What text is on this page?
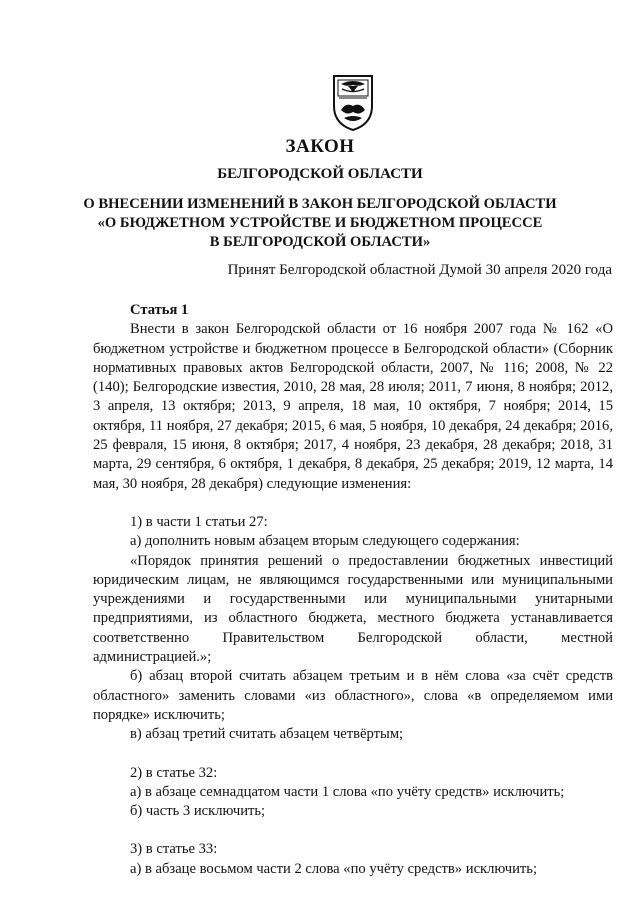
ЗАКОН
БЕЛГОРОДСКОЙ ОБЛАСТИ
О ВНЕСЕНИИ ИЗМЕНЕНИЙ В ЗАКОН БЕЛГОРОДСКОЙ ОБЛАСТИ
«О БЮДЖЕТНОМ УСТРОЙСТВЕ И БЮДЖЕТНОМ ПРОЦЕССЕ
В БЕЛГОРОДСКОЙ ОБЛАСТИ»
Принят Белгородской областной Думой 30 апреля 2020 года

Статья 1

Внести в закон Белгородской области от 16 ноября 2007 года № 162 «О бюджетном устройстве и бюджетном процессе в Белгородской области» (Сборник нормативных правовых актов Белгородской области, 2007, № 116; 2008, № 22 (140); Белгородские известия, 2010, 28 мая, 28 июля; 2011, 7 июня, 8 ноября; 2012, 3 апреля, 13 октября; 2013, 9 апреля, 18 мая, 10 октября, 7 ноября; 2014, 15 октября, 11 ноября, 27 декабря; 2015, 6 мая, 5 ноября, 10 декабря, 24 декабря; 2016, 25 февраля, 15 июня, 8 октября; 2017, 4 ноября, 23 декабря, 28 декабря; 2018, 31 марта, 29 сентября, 6 октября, 1 декабря, 8 декабря, 25 декабря; 2019, 12 марта, 14 мая, 30 ноября, 28 декабря) следующие изменения:

1) в части 1 статьи 27:

а) дополнить новым абзацем вторым следующего содержания:

«Порядок принятия решений о предоставлении бюджетных инвестиций юридическим лицам, не являющимся государственными или муниципальными учреждениями и государственными или муниципальными унитарными предприятиями, из областного бюджета, местного бюджета устанавливается соответственно Правительством Белгородской области, местной администрацией.»;

б) абзац второй считать абзацем третьим и в нём слова «за счёт средств областного» заменить словами «из областного», слова «в определяемом ими порядке» исключить;

в) абзац третий считать абзацем четвёртым;

2) в статье 32:

а) в абзаце семнадцатом части 1 слова «по учёту средств» исключить;

б) часть 3 исключить;

3) в статье 33:

а) в абзаце восьмом части 2 слова «по учёту средств» исключить;
